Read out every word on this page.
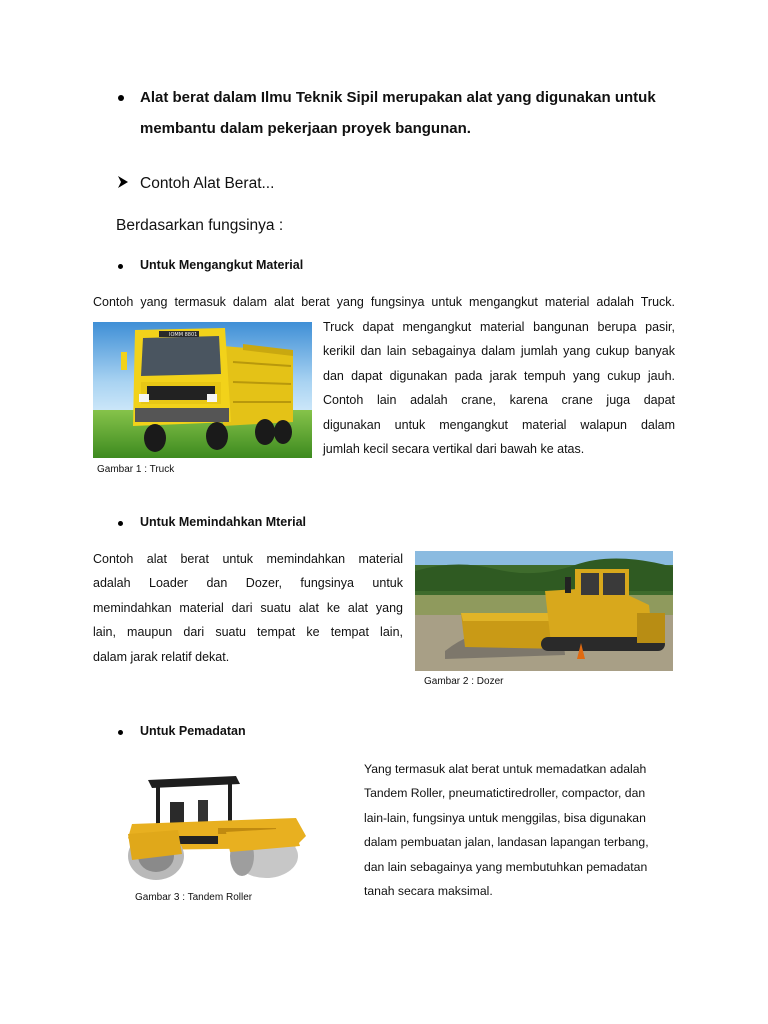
Alat berat dalam Ilmu Teknik Sipil merupakan alat yang digunakan untuk
membantu dalam pekerjaan proyek bangunan.
Contoh Alat Berat...
Berdasarkan fungsinya :
Untuk Mengangkut Material
Contoh yang termasuk dalam alat berat yang fungsinya untuk mengangkut material adalah Truck.
IOMM 8801
Truck dapat mengangkut material bangunan berupa pasir,
kerikil dan lain sebagainya dalam jumlah yang cukup banyak
dan dapat digunakan pada jarak tempuh yang cukup jauh.
Contoh lain adalah crane, karena crane juga dapat
digunakan untuk mengangkut material walapun dalam
jumlah kecil secara vertikal dari bawah ke atas.
Gambar 1 : Truck
Untuk Memindahkan Mterial
Contoh alat berat untuk memindahkan material
adalah Loader dan Dozer, fungsinya untuk
memindahkan material dari suatu alat ke alat yang
lain, maupun dari suatu tempat ke tempat lain,
dalam jarak relatif dekat.
Gambar 2 : Dozer
Untuk Pemadatan
Gambar 3 : Tandem Roller
Yang termasuk alat berat untuk memadatkan adalah
Tandem Roller, pneumatictiredroller, compactor, dan
lain-lain, fungsinya untuk menggilas, bisa digunakan
dalam pembuatan jalan, landasan lapangan terbang,
dan lain sebagainya yang membutuhkan pemadatan
tanah secara maksimal.
